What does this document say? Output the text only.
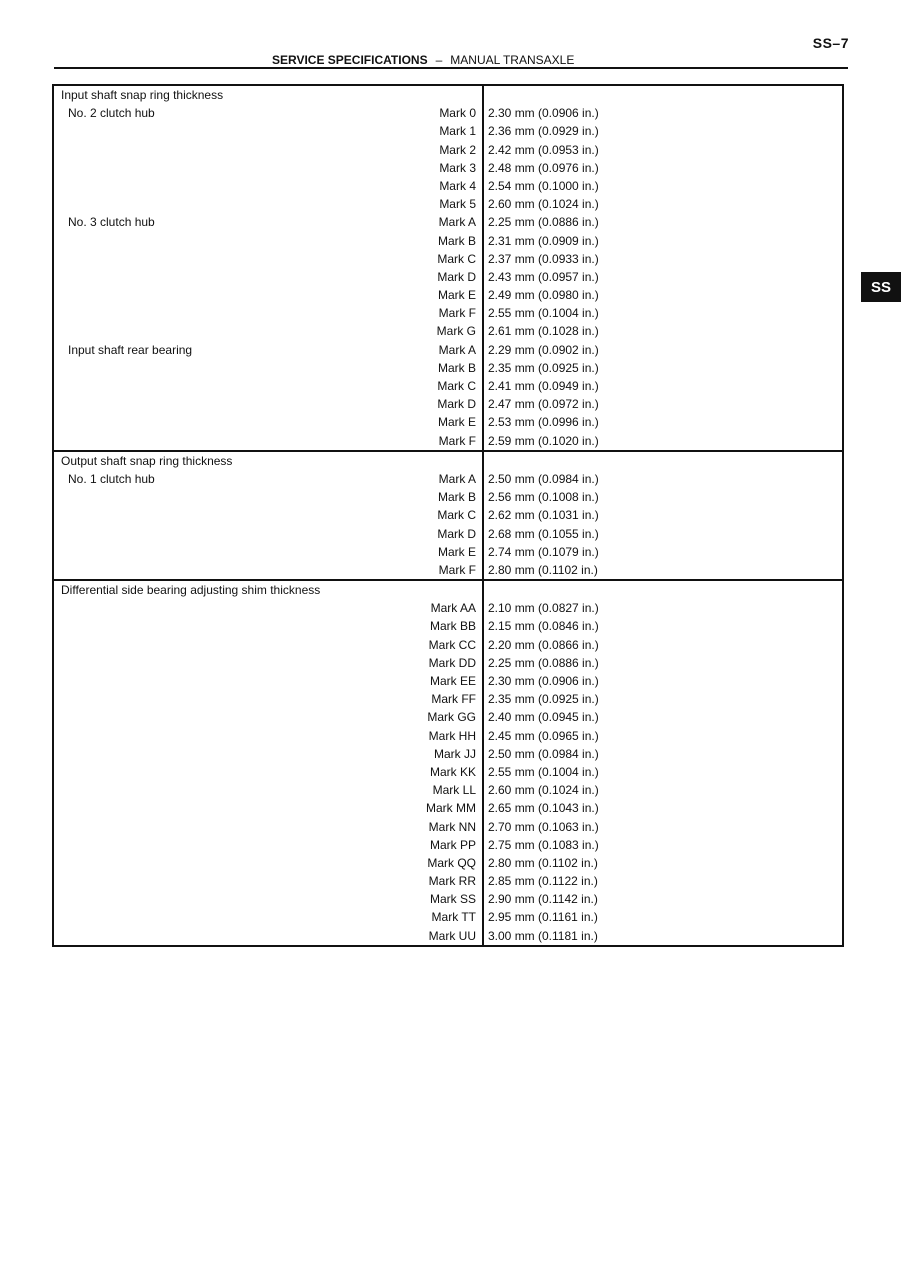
SS–7
SERVICE SPECIFICATIONS – MANUAL TRANSAXLE
SS
Input shaft snap ring thickness
No. 2 clutch hub	Mark 0	2.30 mm (0.0906 in.)
Mark 1	2.36 mm (0.0929 in.)
Mark 2	2.42 mm (0.0953 in.)
Mark 3	2.48 mm (0.0976 in.)
Mark 4	2.54 mm (0.1000 in.)
Mark 5	2.60 mm (0.1024 in.)
No. 3 clutch hub	Mark A	2.25 mm (0.0886 in.)
Mark B	2.31 mm (0.0909 in.)
Mark C	2.37 mm (0.0933 in.)
Mark D	2.43 mm (0.0957 in.)
Mark E	2.49 mm (0.0980 in.)
Mark F	2.55 mm (0.1004 in.)
Mark G	2.61 mm (0.1028 in.)
Input shaft rear bearing	Mark A	2.29 mm (0.0902 in.)
Mark B	2.35 mm (0.0925 in.)
Mark C	2.41 mm (0.0949 in.)
Mark D	2.47 mm (0.0972 in.)
Mark E	2.53 mm (0.0996 in.)
Mark F	2.59 mm (0.1020 in.)
Output shaft snap ring thickness
No. 1 clutch hub	Mark A	2.50 mm (0.0984 in.)
Mark B	2.56 mm (0.1008 in.)
Mark C	2.62 mm (0.1031 in.)
Mark D	2.68 mm (0.1055 in.)
Mark E	2.74 mm (0.1079 in.)
Mark F	2.80 mm (0.1102 in.)
Differential side bearing adjusting shim thickness
Mark AA	2.10 mm (0.0827 in.)
Mark BB	2.15 mm (0.0846 in.)
Mark CC	2.20 mm (0.0866 in.)
Mark DD	2.25 mm (0.0886 in.)
Mark EE	2.30 mm (0.0906 in.)
Mark FF	2.35 mm (0.0925 in.)
Mark GG	2.40 mm (0.0945 in.)
Mark HH	2.45 mm (0.0965 in.)
Mark JJ	2.50 mm (0.0984 in.)
Mark KK	2.55 mm (0.1004 in.)
Mark LL	2.60 mm (0.1024 in.)
Mark MM	2.65 mm (0.1043 in.)
Mark NN	2.70 mm (0.1063 in.)
Mark PP	2.75 mm (0.1083 in.)
Mark QQ	2.80 mm (0.1102 in.)
Mark RR	2.85 mm (0.1122 in.)
Mark SS	2.90 mm (0.1142 in.)
Mark TT	2.95 mm (0.1161 in.)
Mark UU	3.00 mm (0.1181 in.)
